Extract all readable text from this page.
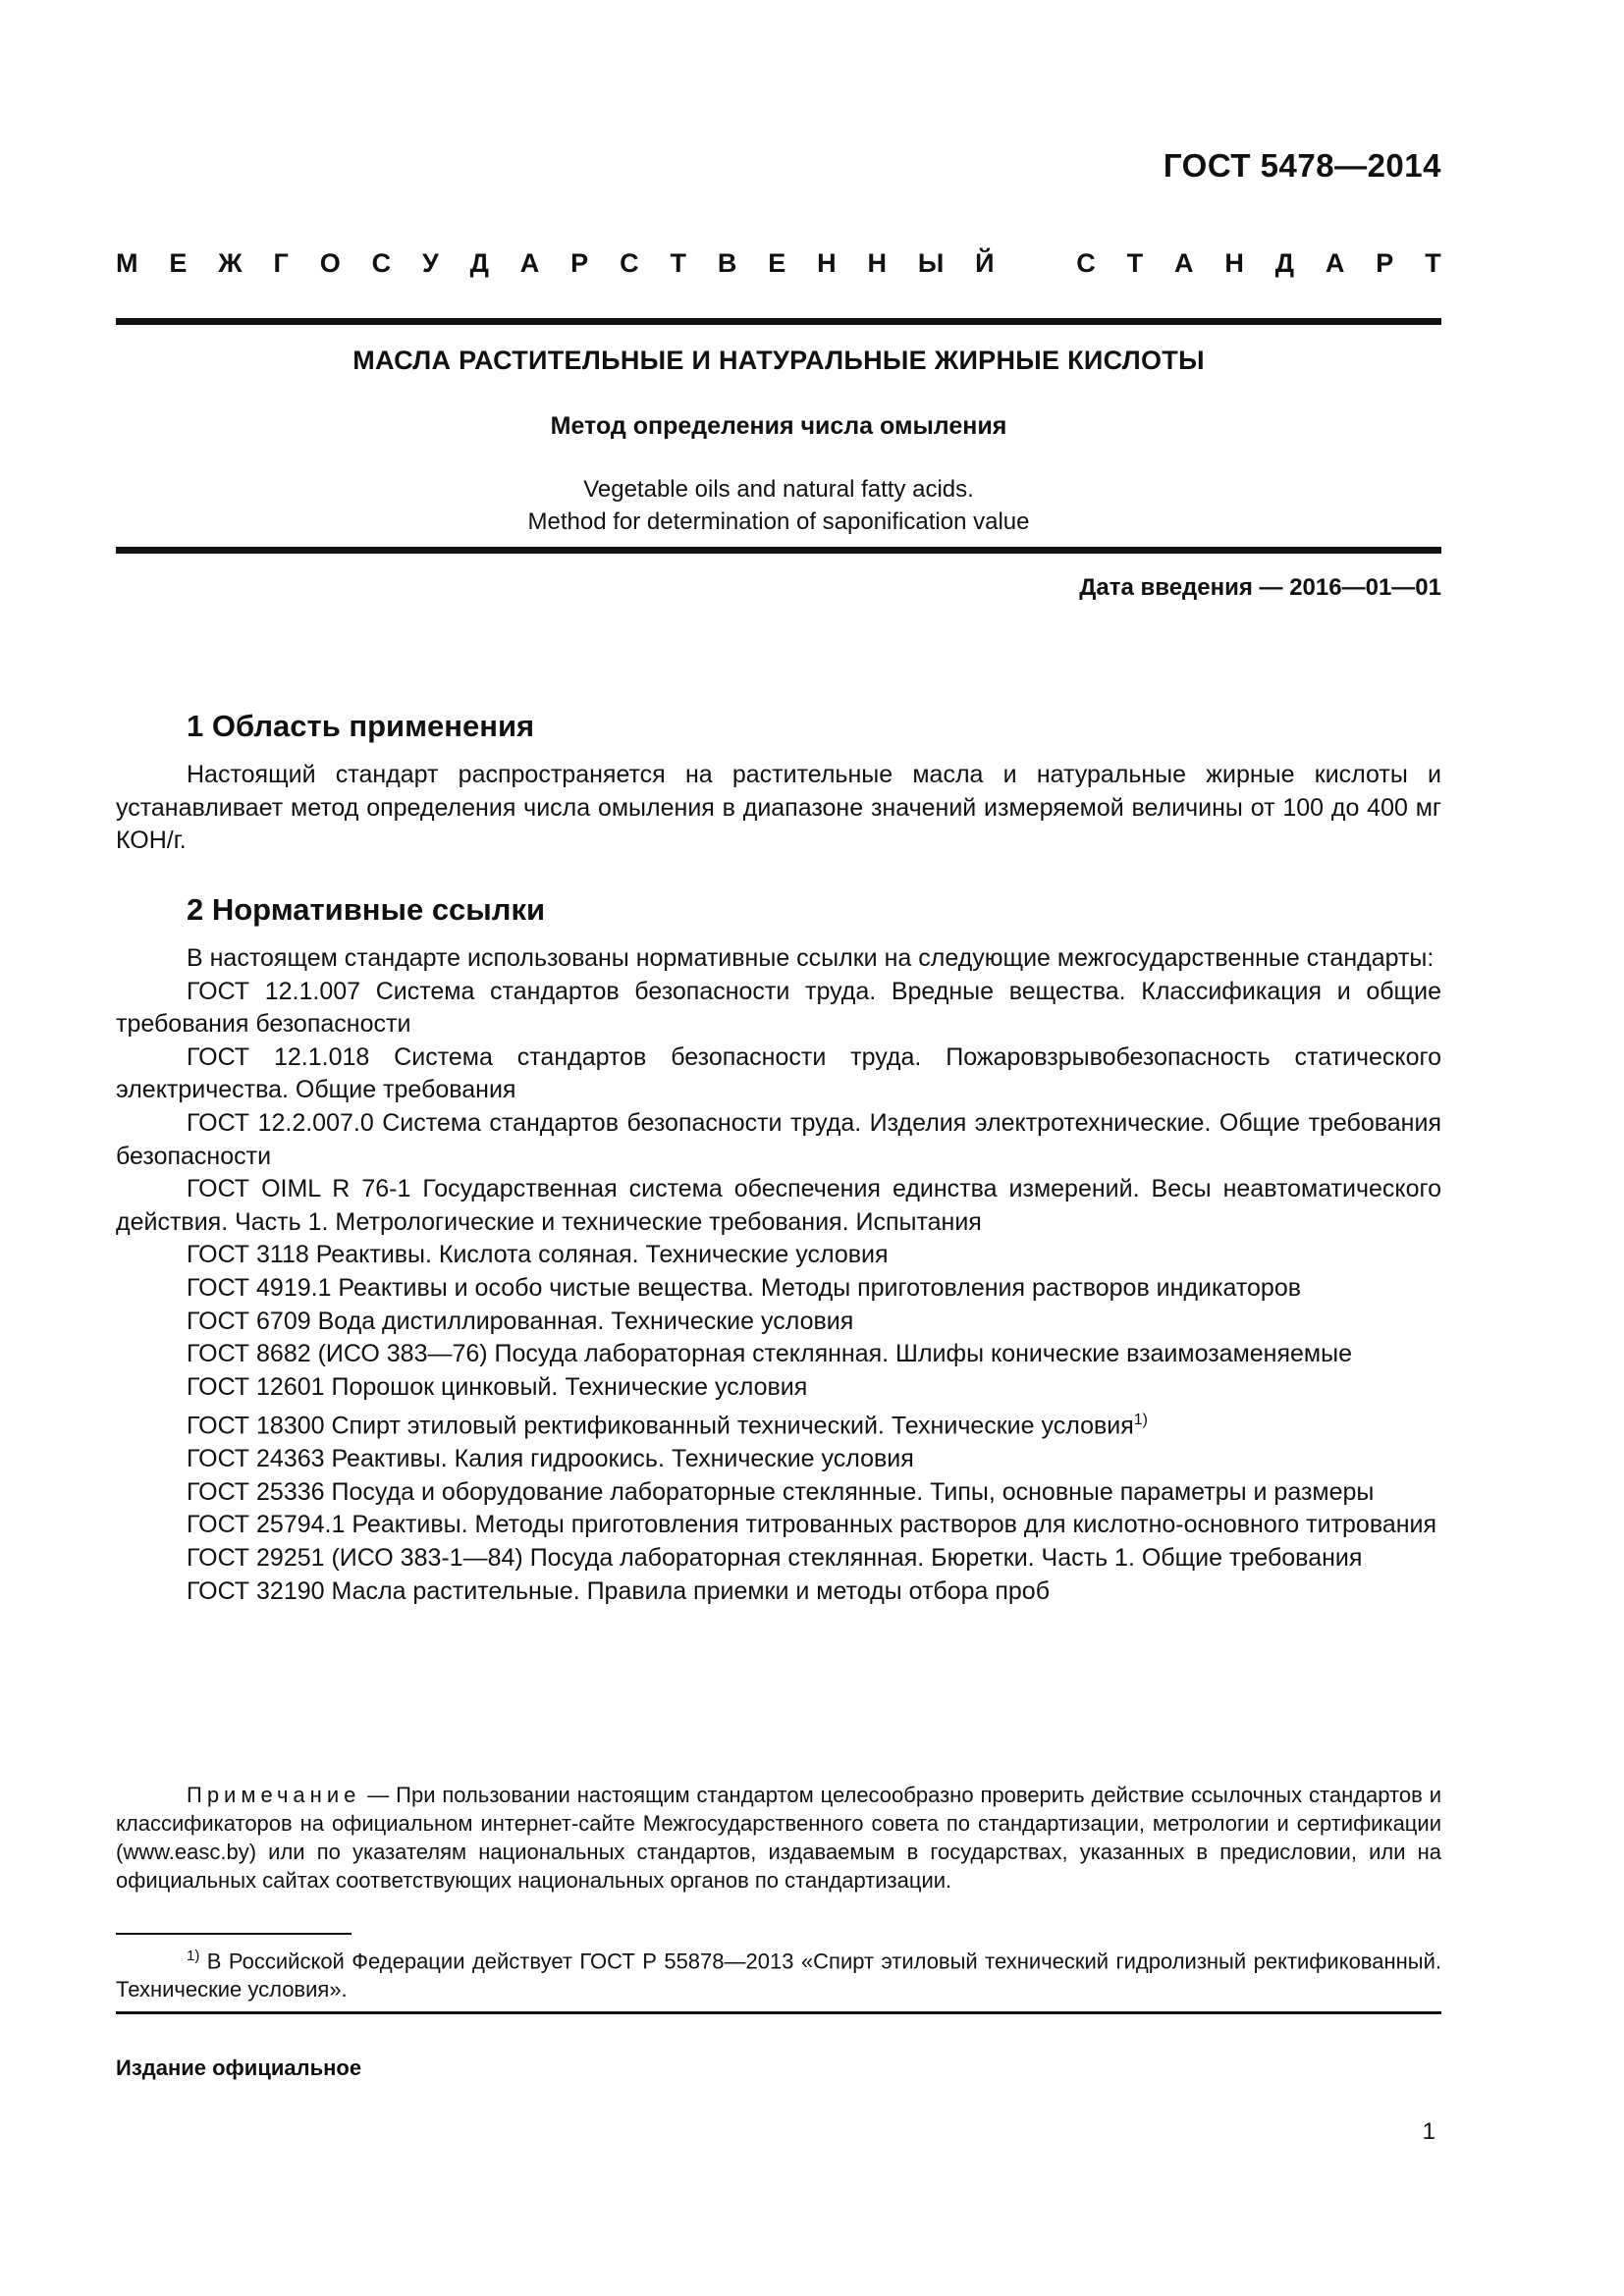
ГОСТ 5478—2014
М Е Ж Г О С У Д А Р С Т В Е Н Н Ы Й	С Т А Н Д А Р Т
МАСЛА РАСТИТЕЛЬНЫЕ И НАТУРАЛЬНЫЕ ЖИРНЫЕ КИСЛОТЫ
Метод определения числа омыления
Vegetable oils and natural fatty acids.
Method for determination of saponification value
Дата введения — 2016—01—01
1 Область применения
Настоящий стандарт распространяется на растительные масла и натуральные жирные кислоты и устанавливает метод определения числа омыления в диапазоне значений измеряемой величины от 100 до 400 мг КОН/г.
2 Нормативные ссылки

В настоящем стандарте использованы нормативные ссылки на следующие межгосударственные стандарты:

ГОСТ 12.1.007 Система стандартов безопасности труда. Вредные вещества. Классификация и общие требования безопасности

ГОСТ 12.1.018 Система стандартов безопасности труда. Пожаровзрывобезопасность статического электричества. Общие требования

ГОСТ 12.2.007.0 Система стандартов безопасности труда. Изделия электротехнические. Общие требования безопасности

ГОСТ OIML R 76-1 Государственная система обеспечения единства измерений. Весы неавтоматического действия. Часть 1. Метрологические и технические требования. Испытания

ГОСТ 3118 Реактивы. Кислота соляная. Технические условия

ГОСТ 4919.1 Реактивы и особо чистые вещества. Методы приготовления растворов индикаторов

ГОСТ 6709 Вода дистиллированная. Технические условия

ГОСТ 8682 (ИСО 383—76) Посуда лабораторная стеклянная. Шлифы конические взаимозаменяемые

ГОСТ 12601 Порошок цинковый. Технические условия

ГОСТ 18300 Спирт этиловый ректификованный технический. Технические условия$^{1)}$

ГОСТ 24363 Реактивы. Калия гидроокись. Технические условия

ГОСТ 25336 Посуда и оборудование лабораторные стеклянные. Типы, основные параметры и размеры

ГОСТ 25794.1 Реактивы. Методы приготовления титрованных растворов для кислотно-основного титрования

ГОСТ 29251 (ИСО 383-1—84) Посуда лабораторная стеклянная. Бюретки. Часть 1. Общие требования

ГОСТ 32190 Масла растительные. Правила приемки и методы отбора проб

Примечание — При пользовании настоящим стандартом целесообразно проверить действие ссылочных стандартов и классификаторов на официальном интернет-сайте Межгосударственного совета по стандартизации, метрологии и сертификации (www.easc.by) или по указателям национальных стандартов, издаваемым в государствах, указанных в предисловии, или на официальных сайтах соответствующих национальных органов по стандартизации.
$^{1)}$ В Российской Федерации действует ГОСТ Р 55878—2013 «Спирт этиловый технический гидролизный ректификованный. Технические условия».
Издание официальное
1
